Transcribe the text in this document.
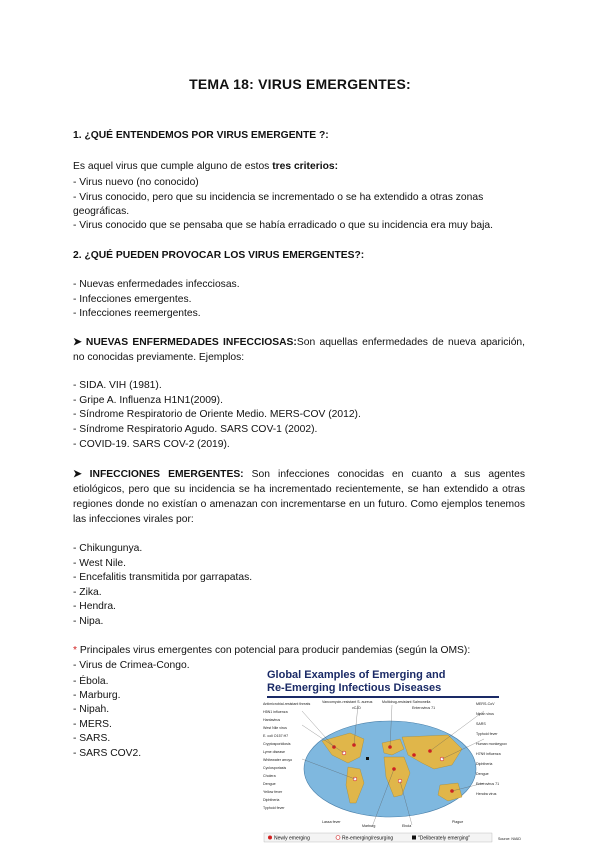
TEMA 18: VIRUS EMERGENTES:
1. ¿QUÉ ENTENDEMOS POR VIRUS EMERGENTE ?:
Es aquel virus que cumple alguno de estos tres criterios:
- Virus nuevo (no conocido)
- Virus conocido, pero que su incidencia se incrementado o se ha extendido a otras zonas
geográficas.
- Virus conocido que se pensaba que se había erradicado o que su incidencia era muy baja.
2. ¿QUÉ PUEDEN PROVOCAR LOS VIRUS EMERGENTES?:
- Nuevas enfermedades infecciosas.
- Infecciones emergentes.
- Infecciones reemergentes.
➤ NUEVAS ENFERMEDADES INFECCIOSAS:Son aquellas enfermedades de nueva aparición, no conocidas previamente. Ejemplos:
- SIDA. VIH (1981).
- Gripe A. Influenza H1N1(2009).
- Síndrome Respiratorio de Oriente Medio. MERS-COV (2012).
- Síndrome Respiratorio Agudo. SARS COV-1 (2002).
- COVID-19. SARS COV-2 (2019).
➤ INFECCIONES EMERGENTES: Son infecciones conocidas en cuanto a sus agentes etiológicos, pero que su incidencia se ha incrementado recientemente, se han extendido a otras regiones donde no existían o amenazan con incrementarse en un futuro. Como ejemplos tenemos las infecciones virales por:
- Chikungunya.
- West Nile.
- Encefalitis transmitida por garrapatas.
- Zika.
- Hendra.
- Nipa.
* Principales virus emergentes con potencial para producir pandemias (según la OMS):
- Virus de Crimea-Congo.
- Ébola.
- Marburg.
- Nipah.
- MERS.
- SARS.
- SARS COV2.
Global Examples of Emerging and
Re-Emerging Infectious Diseases
Antimicrobial-resistant threats
H5N1 influenza
Hantavirus
West Nile virus
E. coli O157:H7
Cryptosporidiosis
Lyme disease
Whitewater arroyo
Cyclosporiasis
Cholera
Dengue
Yellow fever
Diphtheria
Typhoid fever
Vancomycin-resistant S. aureus	Multidrug-resistant Salmonella
vCJD	Enterovirus 71
MERS-CoV
Nipah virus
SARS
Typhoid fever
Human monkeypox
H7N9 influenza
Diphtheria
Dengue
Enterovirus 71
Hendra virus
Lassa fever
Marburg	Ebola
Plague
Newly emerging	Re-emerging/resurging	"Deliberately emerging"	Source: NIAID
